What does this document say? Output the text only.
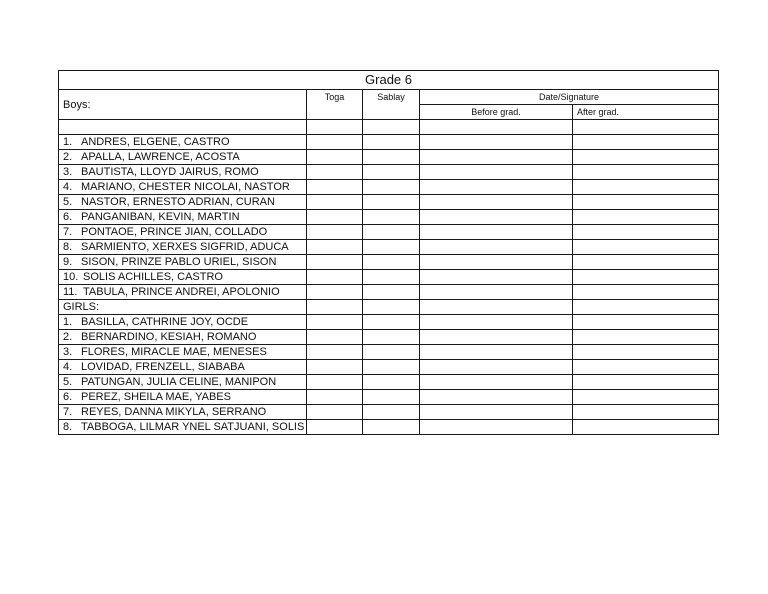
Grade 6				
Boys:	Toga	Sablay	Date/Signature	
			Before grad.	After grad.

1. ANDRES, ELGENE, CASTRO				
2. APALLA, LAWRENCE, ACOSTA				
3. BAUTISTA, LLOYD JAIRUS, ROMO				
4. MARIANO, CHESTER NICOLAI, NASTOR				
5. NASTOR, ERNESTO ADRIAN, CURAN				
6. PANGANIBAN, KEVIN, MARTIN				
7. PONTAOE, PRINCE JIAN, COLLADO				
8. SARMIENTO, XERXES SIGFRID, ADUCA				
9. SISON, PRINZE PABLO URIEL, SISON				
10. SOLIS ACHILLES, CASTRO				
11. TABULA, PRINCE ANDREI, APOLONIO				
GIRLS:				
1. BASILLA, CATHRINE JOY, OCDE				
2. BERNARDINO, KESIAH, ROMANO				
3. FLORES, MIRACLE MAE, MENESES				
4. LOVIDAD, FRENZELL, SIABABA				
5. PATUNGAN, JULIA CELINE, MANIPON				
6. PEREZ, SHEILA MAE, YABES				
7. REYES, DANNA MIKYLA, SERRANO				
8. TABBOGA, LILMAR YNEL SATJUANI, SOLIS				
